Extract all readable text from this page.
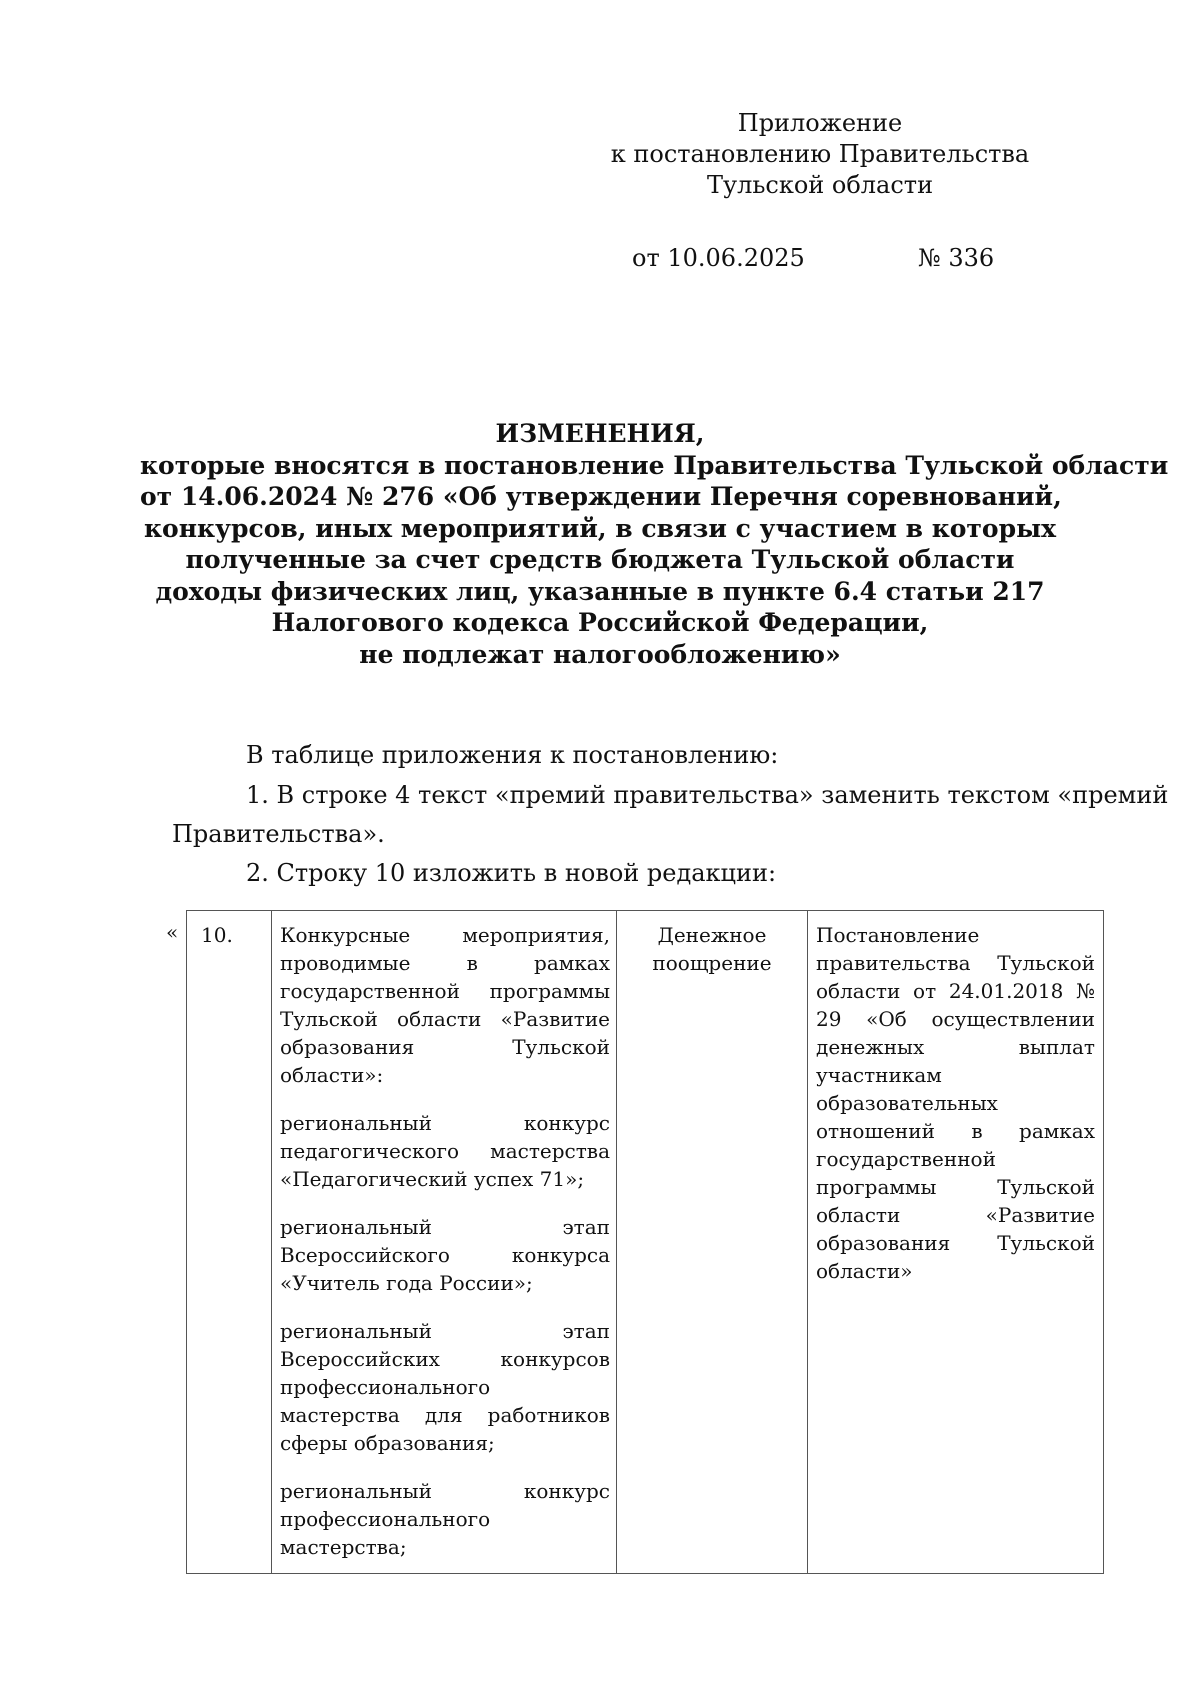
Приложение
к постановлению Правительства
Тульской области
от 10.06.2025	№ 336
ИЗМЕНЕНИЯ,
которые вносятся в постановление Правительства Тульской области
от 14.06.2024 № 276 «Об утверждении Перечня соревнований,
конкурсов, иных мероприятий, в связи с участием в которых
полученные за счет средств бюджета Тульской области
доходы физических лиц, указанные в пункте 6.4 статьи 217
Налогового кодекса Российской Федерации,
не подлежат налогообложению»
В таблице приложения к постановлению:
1. В строке 4 текст «премий правительства» заменить текстом «премий
Правительства».
2. Строку 10 изложить в новой редакции:
« 10.	Конкурсные мероприятия, проводимые в рамках государственной программы Тульской области «Развитие образования Тульской области»:

региональный конкурс педагогического мастерства «Педагогический успех 71»;

региональный этап Всероссийского конкурса «Учитель года России»;

региональный этап Всероссийских конкурсов профессионального мастерства для работников сферы образования;

региональный конкурс профессионального мастерства;

	Денежное поощрение	Постановление правительства Тульской области от 24.01.2018 № 29 «Об осуществлении денежных выплат участникам образовательных отношений в рамках государственной программы Тульской области «Развитие образования Тульской области»
